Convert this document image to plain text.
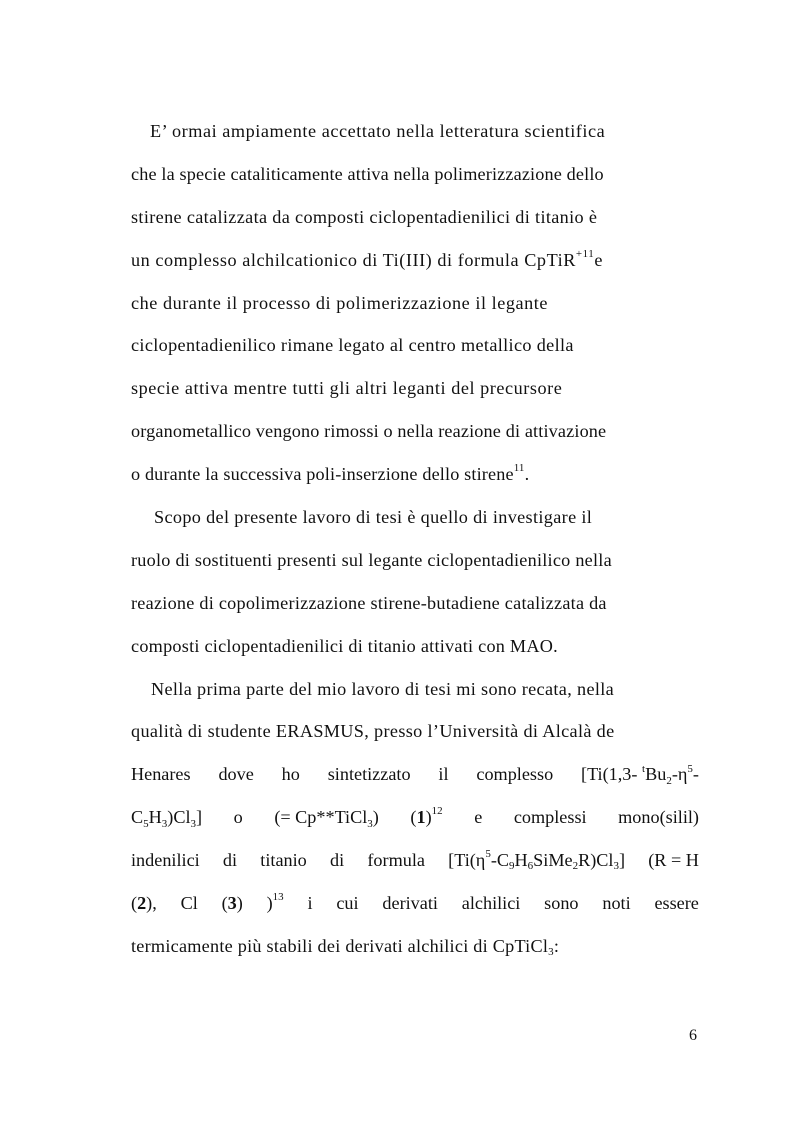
E’ ormai ampiamente accettato nella letteratura scientifica
che la specie cataliticamente attiva nella polimerizzazione dello
stirene catalizzata da composti ciclopentadienilici di titanio è
un complesso alchilcationico di Ti(III) di formula CpTiR$^{+11}$e
che durante il processo di polimerizzazione il legante
ciclopentadienilico rimane legato al centro metallico della
specie attiva mentre tutti gli altri leganti del precursore
organometallico vengono rimossi o nella reazione di attivazione
o durante la successiva poli-inserzione dello stirene$^{11}$.
Scopo del presente lavoro di tesi è quello di investigare il
ruolo di sostituenti presenti sul legante ciclopentadienilico nella
reazione di copolimerizzazione stirene-butadiene catalizzata da
composti ciclopentadienilici di titanio attivati con MAO.
Nella prima parte del mio lavoro di tesi mi sono recata, nella
qualità di studente ERASMUS, presso l’Università di Alcalà de
Henares dove ho sintetizzato il complesso [Ti(1,3- $^tBu_2-\eta^5-$
$C_5H_3)Cl_3$] o (= Cp**TiCl$_3$) $(1)^{12}$ e complessi mono(silil)
indenilici di titanio di formula $[Ti(\eta^5-C_9H_6SiMe_2R)Cl_3] (R = H$
(2), Cl (3) )$^{13}$ i cui derivati alchilici sono noti essere
termicamente più stabili dei derivati alchilici di CpTiCl$_3$:
6
